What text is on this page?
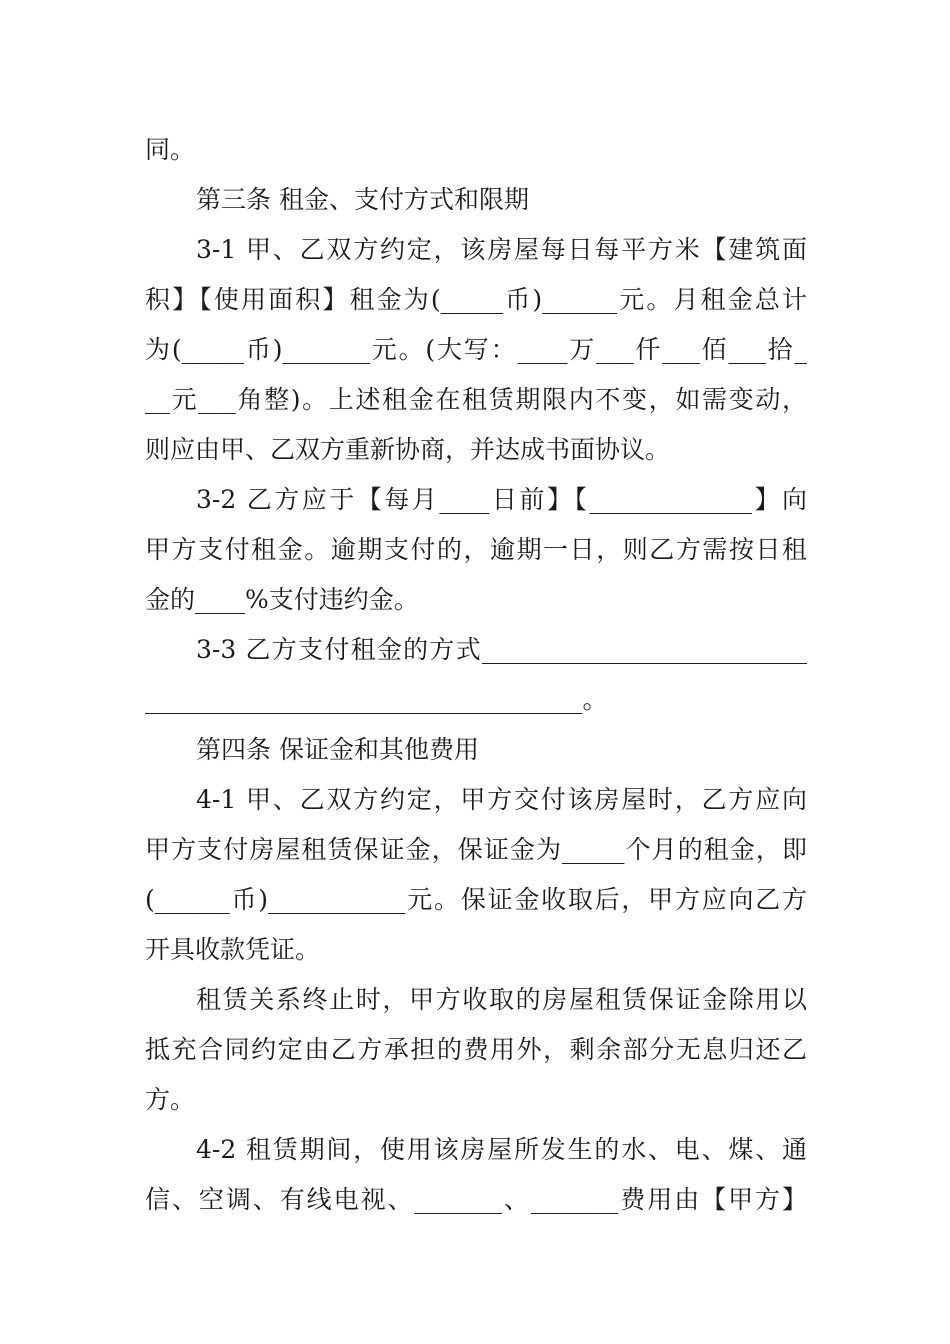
同。
第三条 租金、支付方式和限期
3-1 甲、乙双方约定，该房屋每日每平方米【建筑面
积】【使用面积】租金为(_____币)______元。月租金总计
为(_____币)_______元。(大写：____万___仟___佰___拾_
__元___角整)。上述租金在租赁期限内不变，如需变动，
则应由甲、乙双方重新协商，并达成书面协议。
3-2 乙方应于【每月____日前】【_____________】向
甲方支付租金。逾期支付的，逾期一日，则乙方需按日租
金的____%支付违约金。
3-3 乙方支付租金的方式__________________________
___________________________________。
第四条 保证金和其他费用
4-1 甲、乙双方约定，甲方交付该房屋时，乙方应向
甲方支付房屋租赁保证金，保证金为_____个月的租金，即
(______币)___________元。保证金收取后，甲方应向乙方
开具收款凭证。
租赁关系终止时，甲方收取的房屋租赁保证金除用以
抵充合同约定由乙方承担的费用外，剩余部分无息归还乙
方。
4-2 租赁期间，使用该房屋所发生的水、电、煤、通
信、空调、有线电视、_______、_______费用由【甲方】
